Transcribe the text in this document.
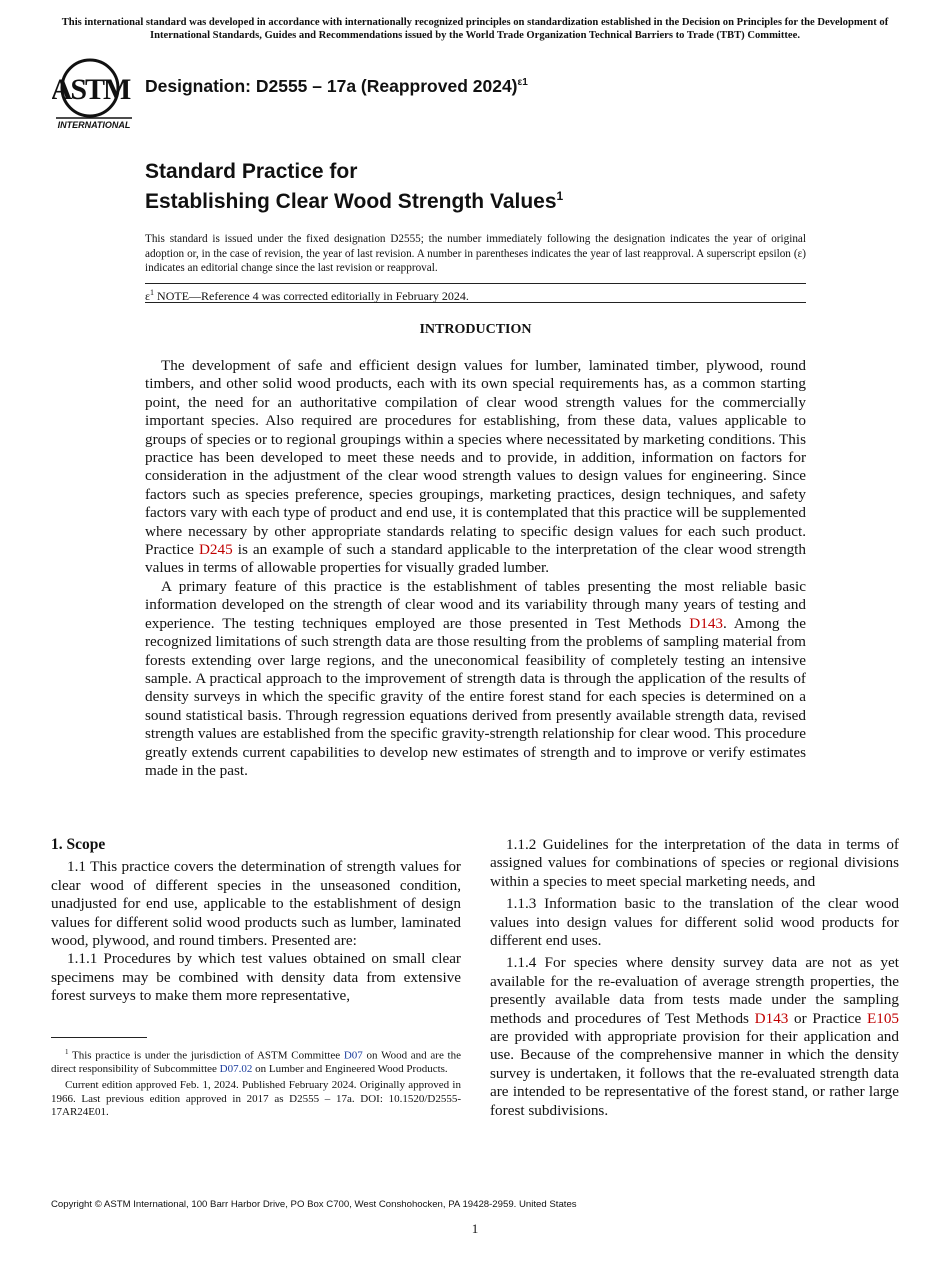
This international standard was developed in accordance with internationally recognized principles on standardization established in the Decision on Principles for the Development of International Standards, Guides and Recommendations issued by the World Trade Organization Technical Barriers to Trade (TBT) Committee.
ASTM
INTERNATIONAL
Designation: D2555 – 17a (Reapproved 2024)$^{\varepsilon 1}$
Standard Practice for
Establishing Clear Wood Strength Values$^1$
This standard is issued under the fixed designation D2555; the number immediately following the designation indicates the year of original adoption or, in the case of revision, the year of last revision. A number in parentheses indicates the year of last reapproval. A superscript epsilon (ε) indicates an editorial change since the last revision or reapproval.
$\varepsilon^1$ NOTE—Reference 4 was corrected editorially in February 2024.
INTRODUCTION

The development of safe and efficient design values for lumber, laminated timber, plywood, round timbers, and other solid wood products, each with its own special requirements has, as a common starting point, the need for an authoritative compilation of clear wood strength values for the commercially important species. Also required are procedures for establishing, from these data, values applicable to groups of species or to regional groupings within a species where necessitated by marketing conditions. This practice has been developed to meet these needs and to provide, in addition, information on factors for consideration in the adjustment of the clear wood strength values to design values for engineering. Since factors such as species preference, species groupings, marketing practices, design techniques, and safety factors vary with each type of product and end use, it is contemplated that this practice will be supplemented where necessary by other appropriate standards relating to specific design values for each such product. Practice D245 is an example of such a standard applicable to the interpretation of the clear wood strength values in terms of allowable properties for visually graded lumber.

A primary feature of this practice is the establishment of tables presenting the most reliable basic information developed on the strength of clear wood and its variability through many years of testing and experience. The testing techniques employed are those presented in Test Methods D143. Among the recognized limitations of such strength data are those resulting from the problems of sampling material from forests extending over large regions, and the uneconomical feasibility of completely testing an intensive sample. A practical approach to the improvement of strength data is through the application of the results of density surveys in which the specific gravity of the entire forest stand for each species is determined on a sound statistical basis. Through regression equations derived from presently available strength data, revised strength values are established from the specific gravity-strength relationship for clear wood. This procedure greatly extends current capabilities to develop new estimates of strength and to improve or verify estimates made in the past.

1. Scope

1.1 This practice covers the determination of strength values for clear wood of different species in the unseasoned condition, unadjusted for end use, applicable to the establishment of design values for different solid wood products such as lumber, laminated wood, plywood, and round timbers. Presented are:

1.1.1 Procedures by which test values obtained on small clear specimens may be combined with density data from extensive forest surveys to make them more representative,

1.1.2 Guidelines for the interpretation of the data in terms of assigned values for combinations of species or regional divisions within a species to meet special marketing needs, and

1.1.3 Information basic to the translation of the clear wood values into design values for different solid wood products for different end uses.

1.1.4 For species where density survey data are not as yet available for the re-evaluation of average strength properties, the presently available data from tests made under the sampling methods and procedures of Test Methods D143 or Practice E105 are provided with appropriate provision for their application and use. Because of the comprehensive manner in which the density survey is undertaken, it follows that the re-evaluated strength data are intended to be representative of the forest stand, or rather large forest subdivisions.

$^1$ This practice is under the jurisdiction of ASTM Committee D07 on Wood and are the direct responsibility of Subcommittee D07.02 on Lumber and Engineered Wood Products.

Current edition approved Feb. 1, 2024. Published February 2024. Originally approved in 1966. Last previous edition approved in 2017 as D2555 – 17a. DOI: 10.1520/D2555-17AR24E01.

Copyright © ASTM International, 100 Barr Harbor Drive, PO Box C700, West Conshohocken, PA 19428-2959. United States
1
